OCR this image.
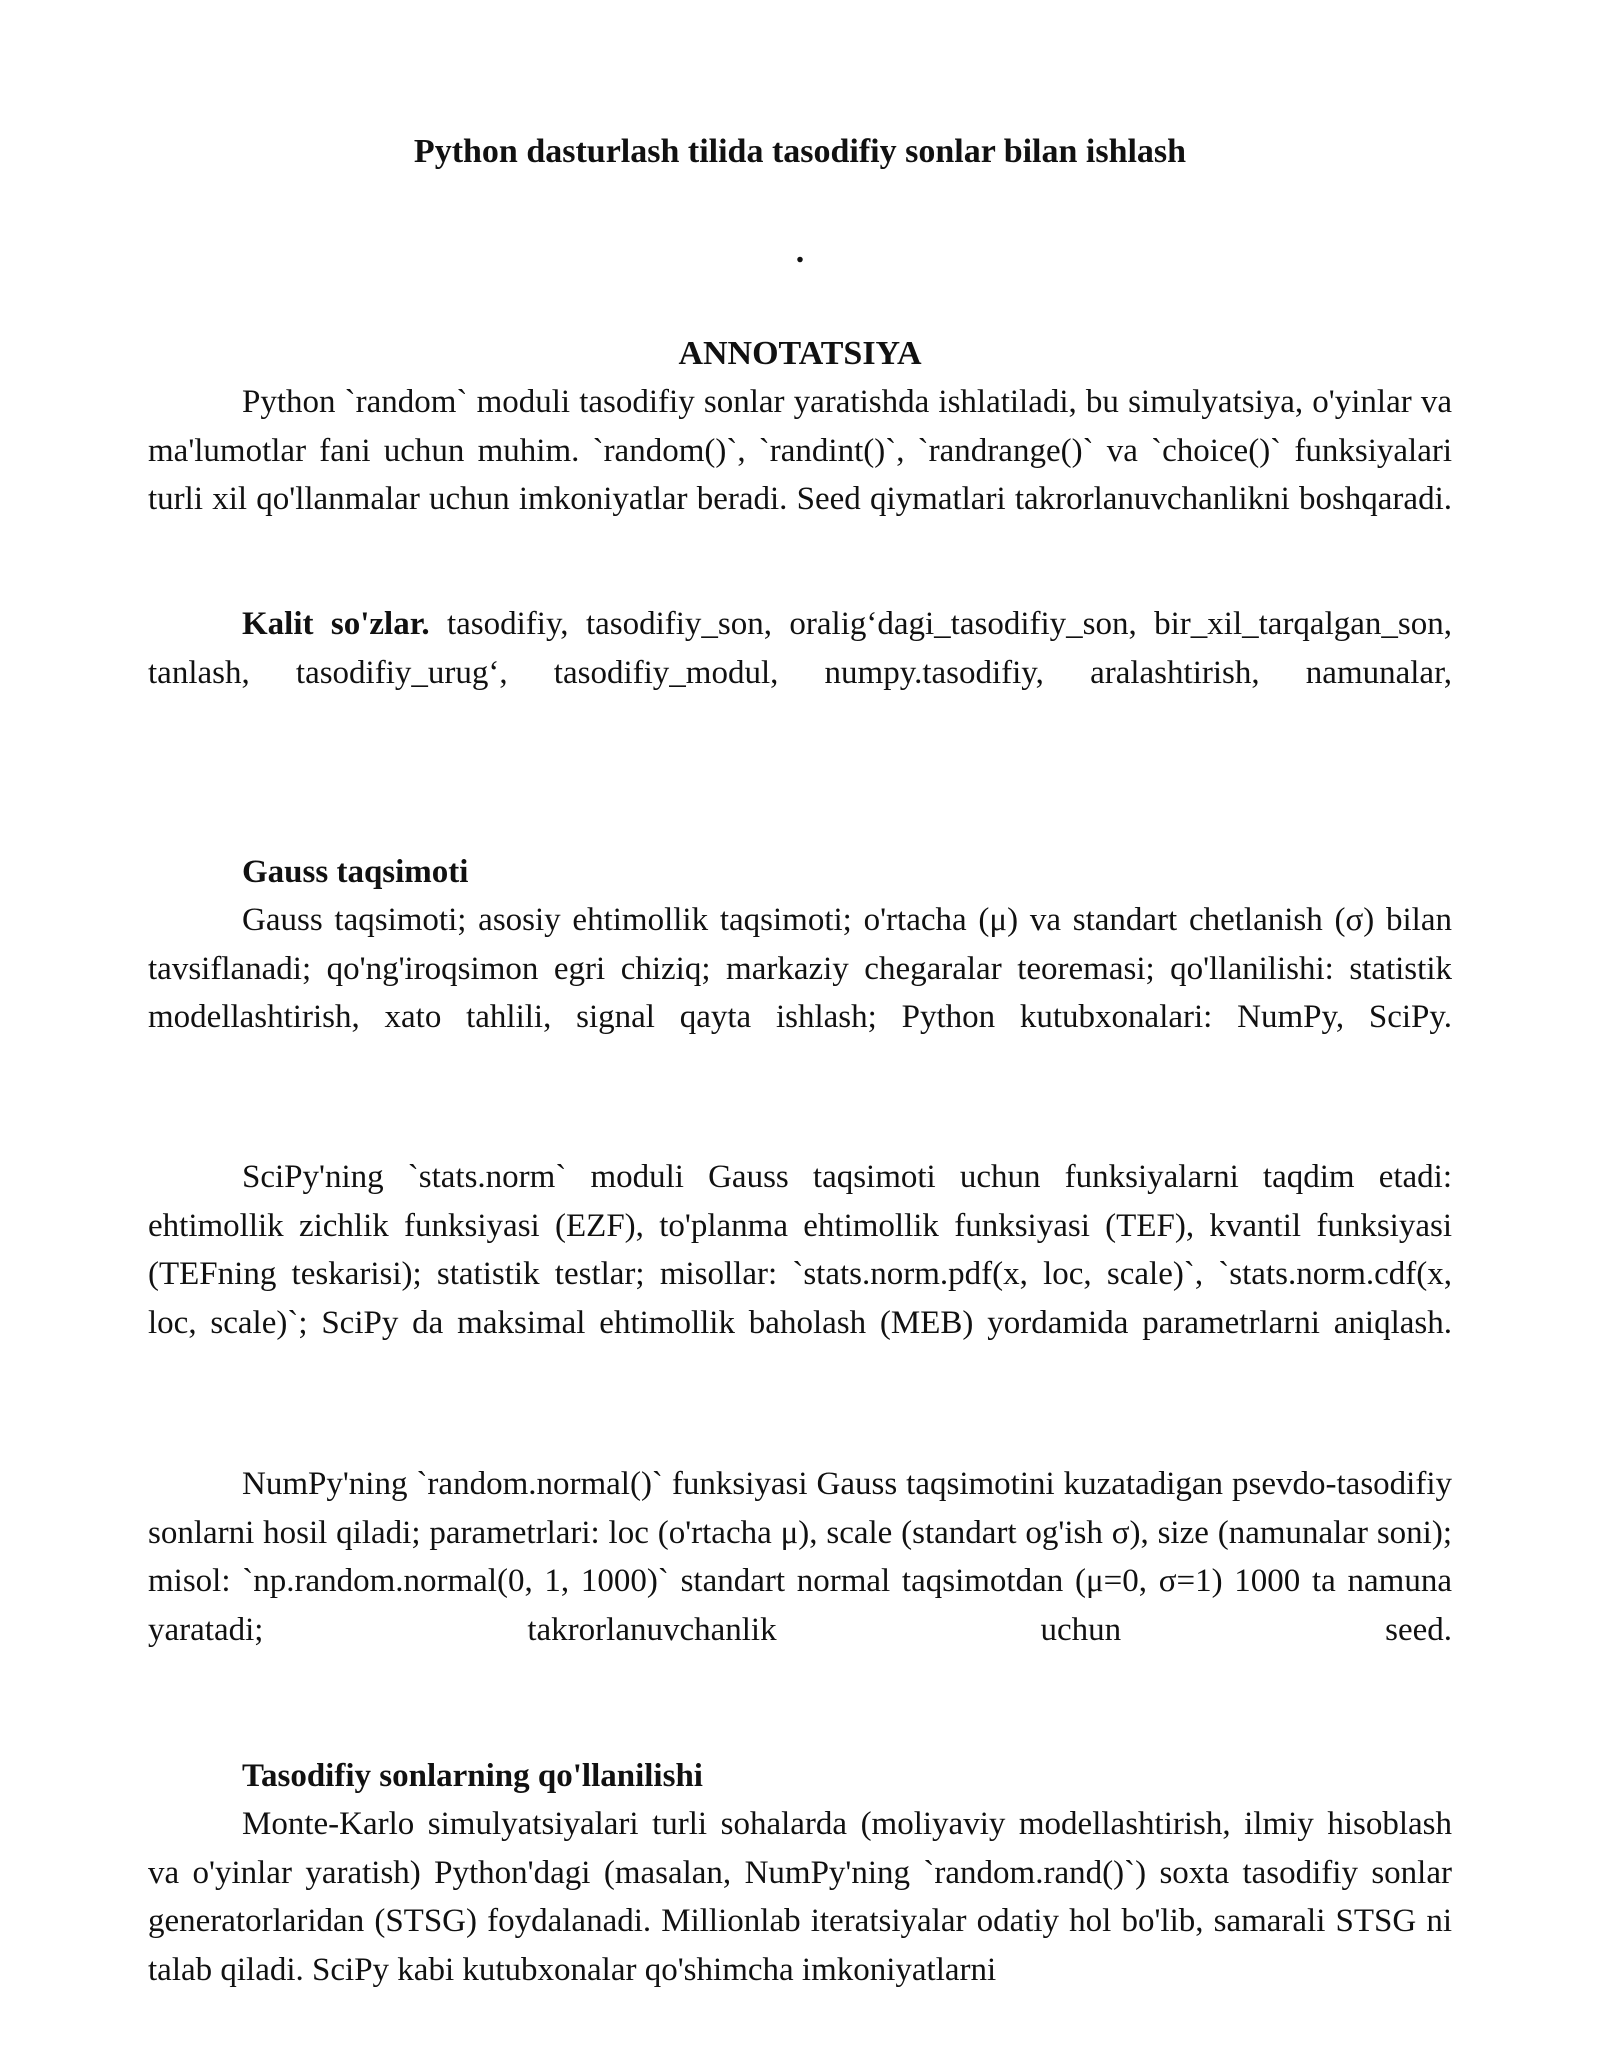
Python dasturlash tilida tasodifiy sonlar bilan ishlash
.
ANNOTATSIYA

Python `random` moduli tasodifiy sonlar yaratishda ishlatiladi, bu simulyatsiya, o'yinlar va ma'lumotlar fani uchun muhim. `random()`, `randint()`, `randrange()` va `choice()` funksiyalari turli xil qo'llanmalar uchun imkoniyatlar beradi. Seed qiymatlari takrorlanuvchanlikni boshqaradi.

Kalit so'zlar. tasodifiy, tasodifiy_son, oralig‘dagi_tasodifiy_son, bir_xil_tarqalgan_son, tanlash, tasodifiy_urug‘, tasodifiy_modul, numpy.tasodifiy, aralashtirish, namunalar,

Gauss taqsimoti

Gauss taqsimoti; asosiy ehtimollik taqsimoti; o'rtacha (μ) va standart chetlanish (σ) bilan tavsiflanadi; qo'ng'iroqsimon egri chiziq; markaziy chegaralar teoremasi; qo'llanilishi: statistik modellashtirish, xato tahlili, signal qayta ishlash; Python kutubxonalari: NumPy, SciPy.

SciPy'ning `stats.norm` moduli Gauss taqsimoti uchun funksiyalarni taqdim etadi: ehtimollik zichlik funksiyasi (EZF), to'planma ehtimollik funksiyasi (TEF), kvantil funksiyasi (TEFning teskarisi); statistik testlar; misollar: `stats.norm.pdf(x, loc, scale)`, `stats.norm.cdf(x, loc, scale)`; SciPy da maksimal ehtimollik baholash (MEB) yordamida parametrlarni aniqlash.

NumPy'ning `random.normal()` funksiyasi Gauss taqsimotini kuzatadigan psevdo-tasodifiy sonlarni hosil qiladi; parametrlari: loc (o'rtacha μ), scale (standart og'ish σ), size (namunalar soni); misol: `np.random.normal(0, 1, 1000)` standart normal taqsimotdan (μ=0, σ=1) 1000 ta namuna yaratadi; takrorlanuvchanlik uchun seed.

Tasodifiy sonlarning qo'llanilishi

Monte-Karlo simulyatsiyalari turli sohalarda (moliyaviy modellashtirish, ilmiy hisoblash va o'yinlar yaratish) Python'dagi (masalan, NumPy'ning `random.rand()`) soxta tasodifiy sonlar generatorlaridan (STSG) foydalanadi. Millionlab iteratsiyalar odatiy hol bo'lib, samarali STSG ni talab qiladi. SciPy kabi kutubxonalar qo'shimcha imkoniyatlarni
